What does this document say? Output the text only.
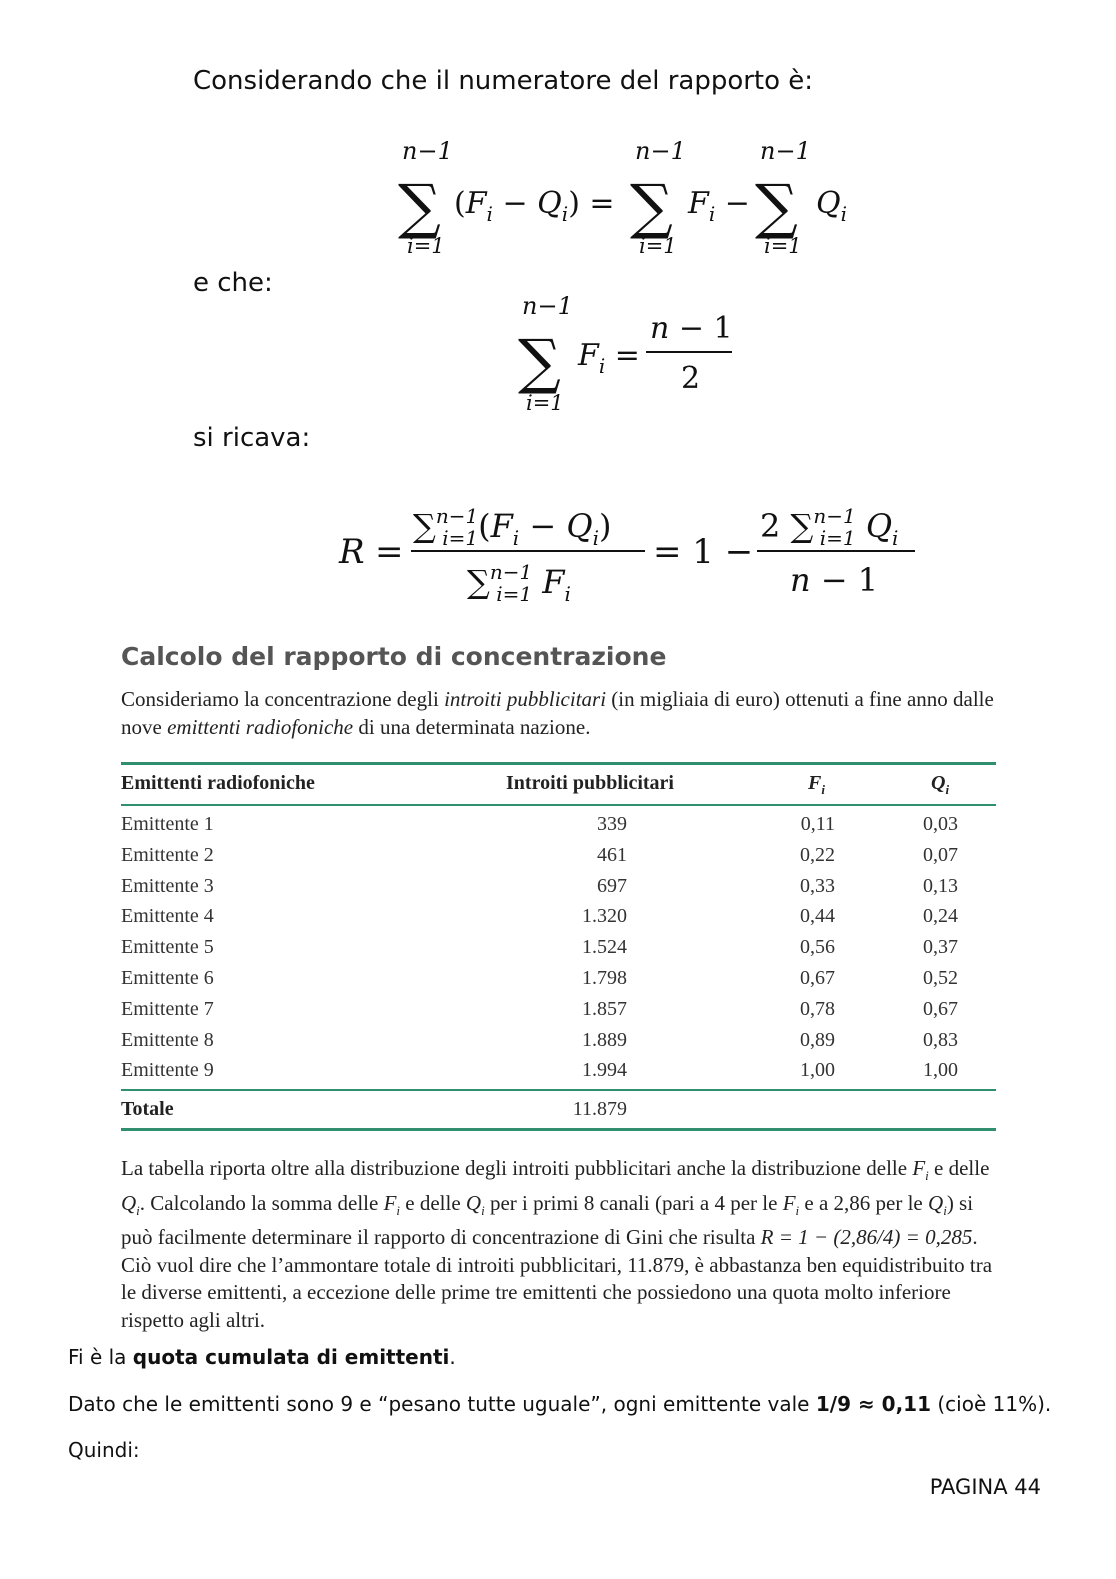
Considerando che il numeratore del rapporto è:
n−1
i=1
n−1
i=1
n−1
i=1
∑	∑ ∑
$(F_i - Q_i) = F_i - Q_i$
e che:
n−1
i=1
∑ $F_i$ =
n − 1
2
si ricava:
R =
∑$^{n-1}$ $i=1(F_i - Q_i)$
∑$^{n-1}$ i=1 $F_i$
= 1 −
2 ∑$^{n-1}$ i=1 $Q_i$
n − 1
Calcolo del rapporto di concentrazione
Consideriamo la concentrazione degli introiti pubblicitari (in migliaia di euro) ottenuti a fine anno dalle nove emittenti radiofoniche di una determinata nazione.
Emittenti radiofoniche	Introiti pubblicitari	$F_i$	$Q_i$
Emittente 1	339	0,11	0,03
Emittente 2	461	0,22	0,07
Emittente 3	697	0,33	0,13
Emittente 4	1.320	0,44	0,24
Emittente 5	1.524	0,56	0,37
Emittente 6	1.798	0,67	0,52
Emittente 7	1.857	0,78	0,67
Emittente 8	1.889	0,89	0,83
Emittente 9	1.994	1,00	1,00
Totale	11.879
La tabella riporta oltre alla distribuzione degli introiti pubblicitari anche la distribuzione delle $F_i$ e delle $Q_i$. Calcolando la somma delle $F_i$ e delle $Q_i$ per i primi 8 canali (pari a 4 per le $F_i$ e a 2,86 per le $Q_i$) si può facilmente determinare il rapporto di concentrazione di Gini che risulta R = 1 − (2,86/4) = 0,285. Ciò vuol dire che l’ammontare totale di introiti pubblicitari, 11.879, è abbastanza ben equidistribuito tra le diverse emittenti, a eccezione delle prime tre emittenti che possiedono una quota molto inferiore rispetto agli altri.
Fi è la quota cumulata di emittenti.
Dato che le emittenti sono 9 e “pesano tutte uguale”, ogni emittente vale 1/9 ≈ 0,11 (cioè 11%).
Quindi:
PAGINA 44
